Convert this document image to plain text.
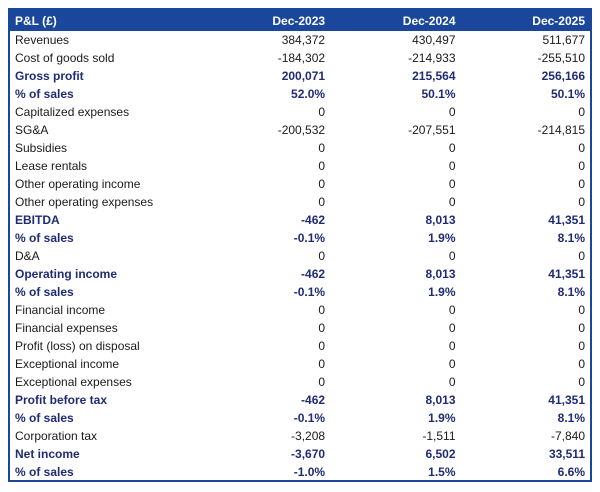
P&L (£)	Dec-2023	Dec-2024	Dec-2025
Revenues	384,372	430,497	511,677
Cost of goods sold	-184,302	-214,933	-255,510
Gross profit	200,071	215,564	256,166
% of sales	52.0%	50.1%	50.1%
Capitalized expenses	0	0	0
SG&A	-200,532	-207,551	-214,815
Subsidies	0	0	0
Lease rentals	0	0	0
Other operating income	0	0	0
Other operating expenses	0	0	0
EBITDA	-462	8,013	41,351
% of sales	-0.1%	1.9%	8.1%
D&A	0	0	0
Operating income	-462	8,013	41,351
% of sales	-0.1%	1.9%	8.1%
Financial income	0	0	0
Financial expenses	0	0	0
Profit (loss) on disposal	0	0	0
Exceptional income	0	0	0
Exceptional expenses	0	0	0
Profit before tax	-462	8,013	41,351
% of sales	-0.1%	1.9%	8.1%
Corporation tax	-3,208	-1,511	-7,840
Net income	-3,670	6,502	33,511
% of sales	-1.0%	1.5%	6.6%
